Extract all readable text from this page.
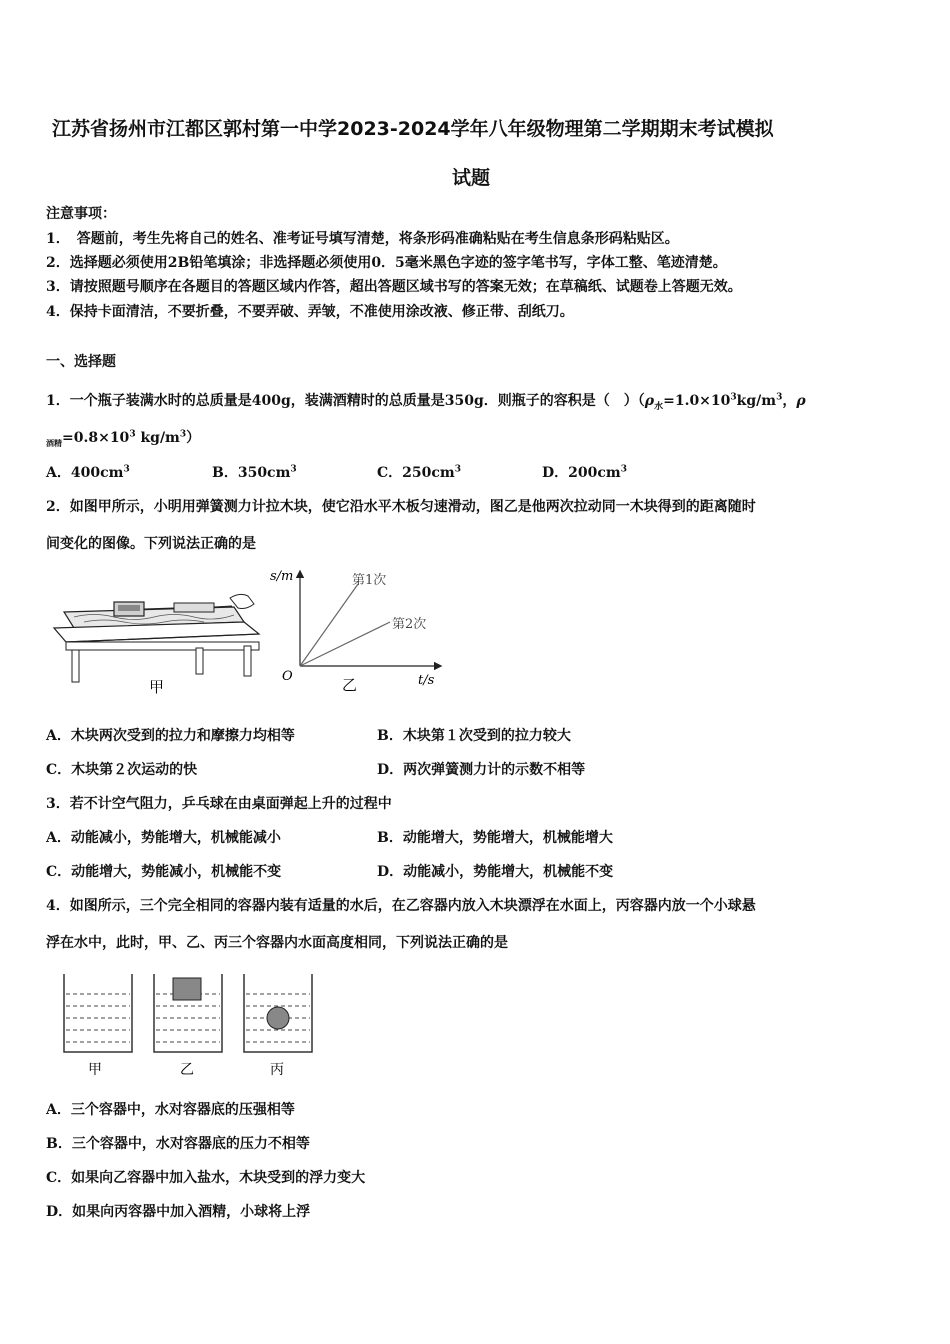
江苏省扬州市江都区郭村第一中学2023-2024学年八年级物理第二学期期末考试模拟
试题
注意事项：
1．　答题前，考生先将自己的姓名、准考证号填写清楚，将条形码准确粘贴在考生信息条形码粘贴区。
2．选择题必须使用2B铅笔填涂；非选择题必须使用0．5毫米黑色字迹的签字笔书写，字体工整、笔迹清楚。
3．请按照题号顺序在各题目的答题区域内作答，超出答题区域书写的答案无效；在草稿纸、试题卷上答题无效。
4．保持卡面清洁，不要折叠，不要弄破、弄皱，不准使用涂改液、修正带、刮纸刀。
一、选择题
1．一个瓶子装满水时的总质量是400g，装满酒精时的总质量是350g．则瓶子的容积是（　）（$\rho_水=1.0\times 10^3kg/m^3$，ρ
$_{酒精}=0.8\times 10^3$ $kg/m^3$）
A．$400cm^3$	B．$350cm^3$	C．$250cm^3$	D．$200cm^3$
2．如图甲所示，小明用弹簧测力计拉木块，使它沿水平木板匀速滑动，图乙是他两次拉动同一木块得到的距离随时
间变化的图像。下列说法正确的是
甲
s/m	第1次
第2次
O	t/s
乙
A．木块两次受到的拉力和摩擦力均相等	B．木块第１次受到的拉力较大
C．木块第２次运动的快	D．两次弹簧测力计的示数不相等
3．若不计空气阻力，乒乓球在由桌面弹起上升的过程中
A．动能减小，势能增大，机械能减小	B．动能增大，势能增大，机械能增大
C．动能增大，势能减小，机械能不变	D．动能减小，势能增大，机械能不变
4．如图所示，三个完全相同的容器内装有适量的水后，在乙容器内放入木块漂浮在水面上，丙容器内放一个小球悬
浮在水中，此时，甲、乙、丙三个容器内水面高度相同，下列说法正确的是
甲	乙	丙
A．三个容器中，水对容器底的压强相等
B．三个容器中，水对容器底的压力不相等
C．如果向乙容器中加入盐水，木块受到的浮力变大
D．如果向丙容器中加入酒精，小球将上浮
